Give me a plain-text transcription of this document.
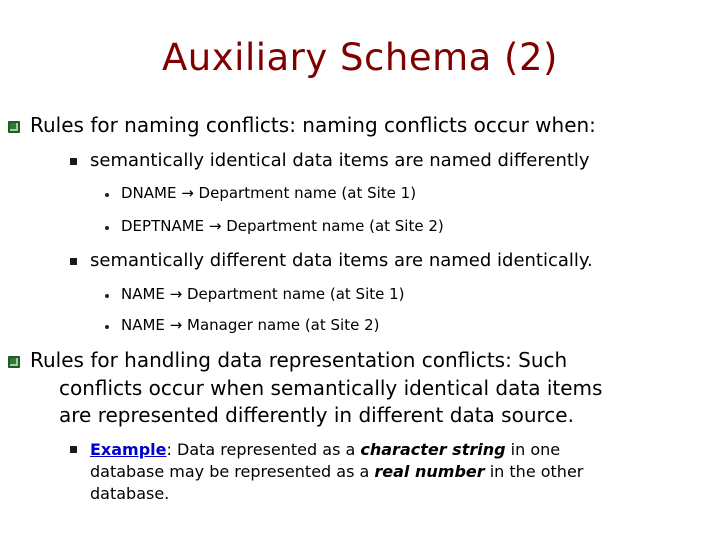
Auxiliary Schema (2)
Rules for naming conflicts: naming conflicts occur when:
semantically identical data items are named differently
DNAME → Department name (at Site 1)
DEPTNAME → Department name (at Site 2)
semantically different data items are named identically.
NAME → Department name (at Site 1)
NAME → Manager name (at Site 2)
Rules for handling data representation conflicts: Such
conflicts occur when semantically identical data items
are represented differently in different data source.
Example: Data represented as a character string in one
database may be represented as a real number in the other
database.
